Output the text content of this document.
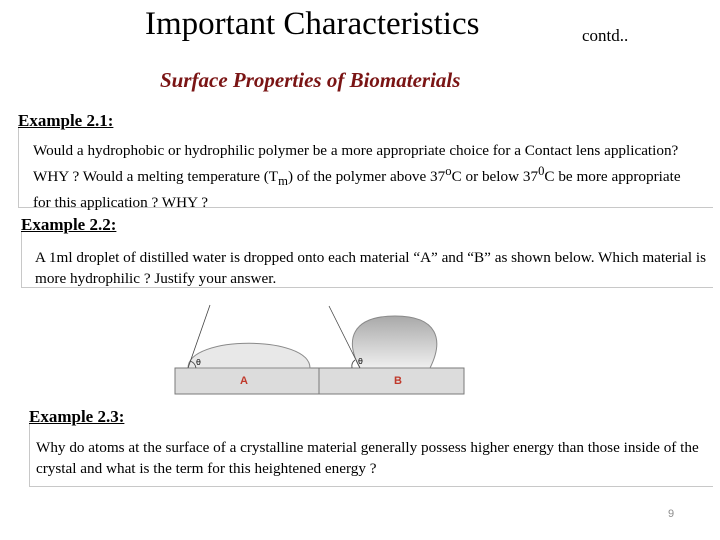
Important Characteristics	contd..
Surface Properties of Biomaterials
Example 2.1:
Would a hydrophobic or hydrophilic polymer be a more appropriate choice for a Contact lens application? WHY ? Would a melting temperature $(T_m)$ of the polymer above 37$^o$C or below $37^0C$ be more appropriate for this application ? WHY ?
Example 2.2:
A 1ml droplet of distilled water is dropped onto each material “A” and “B” as shown below. Which material is more hydrophilic ? Justify your answer.
θ	θ
A	B
Example 2.3:
Why do atoms at the surface of a crystalline material generally possess higher energy than those inside of the crystal and what is the term for this heightened energy ?
9
